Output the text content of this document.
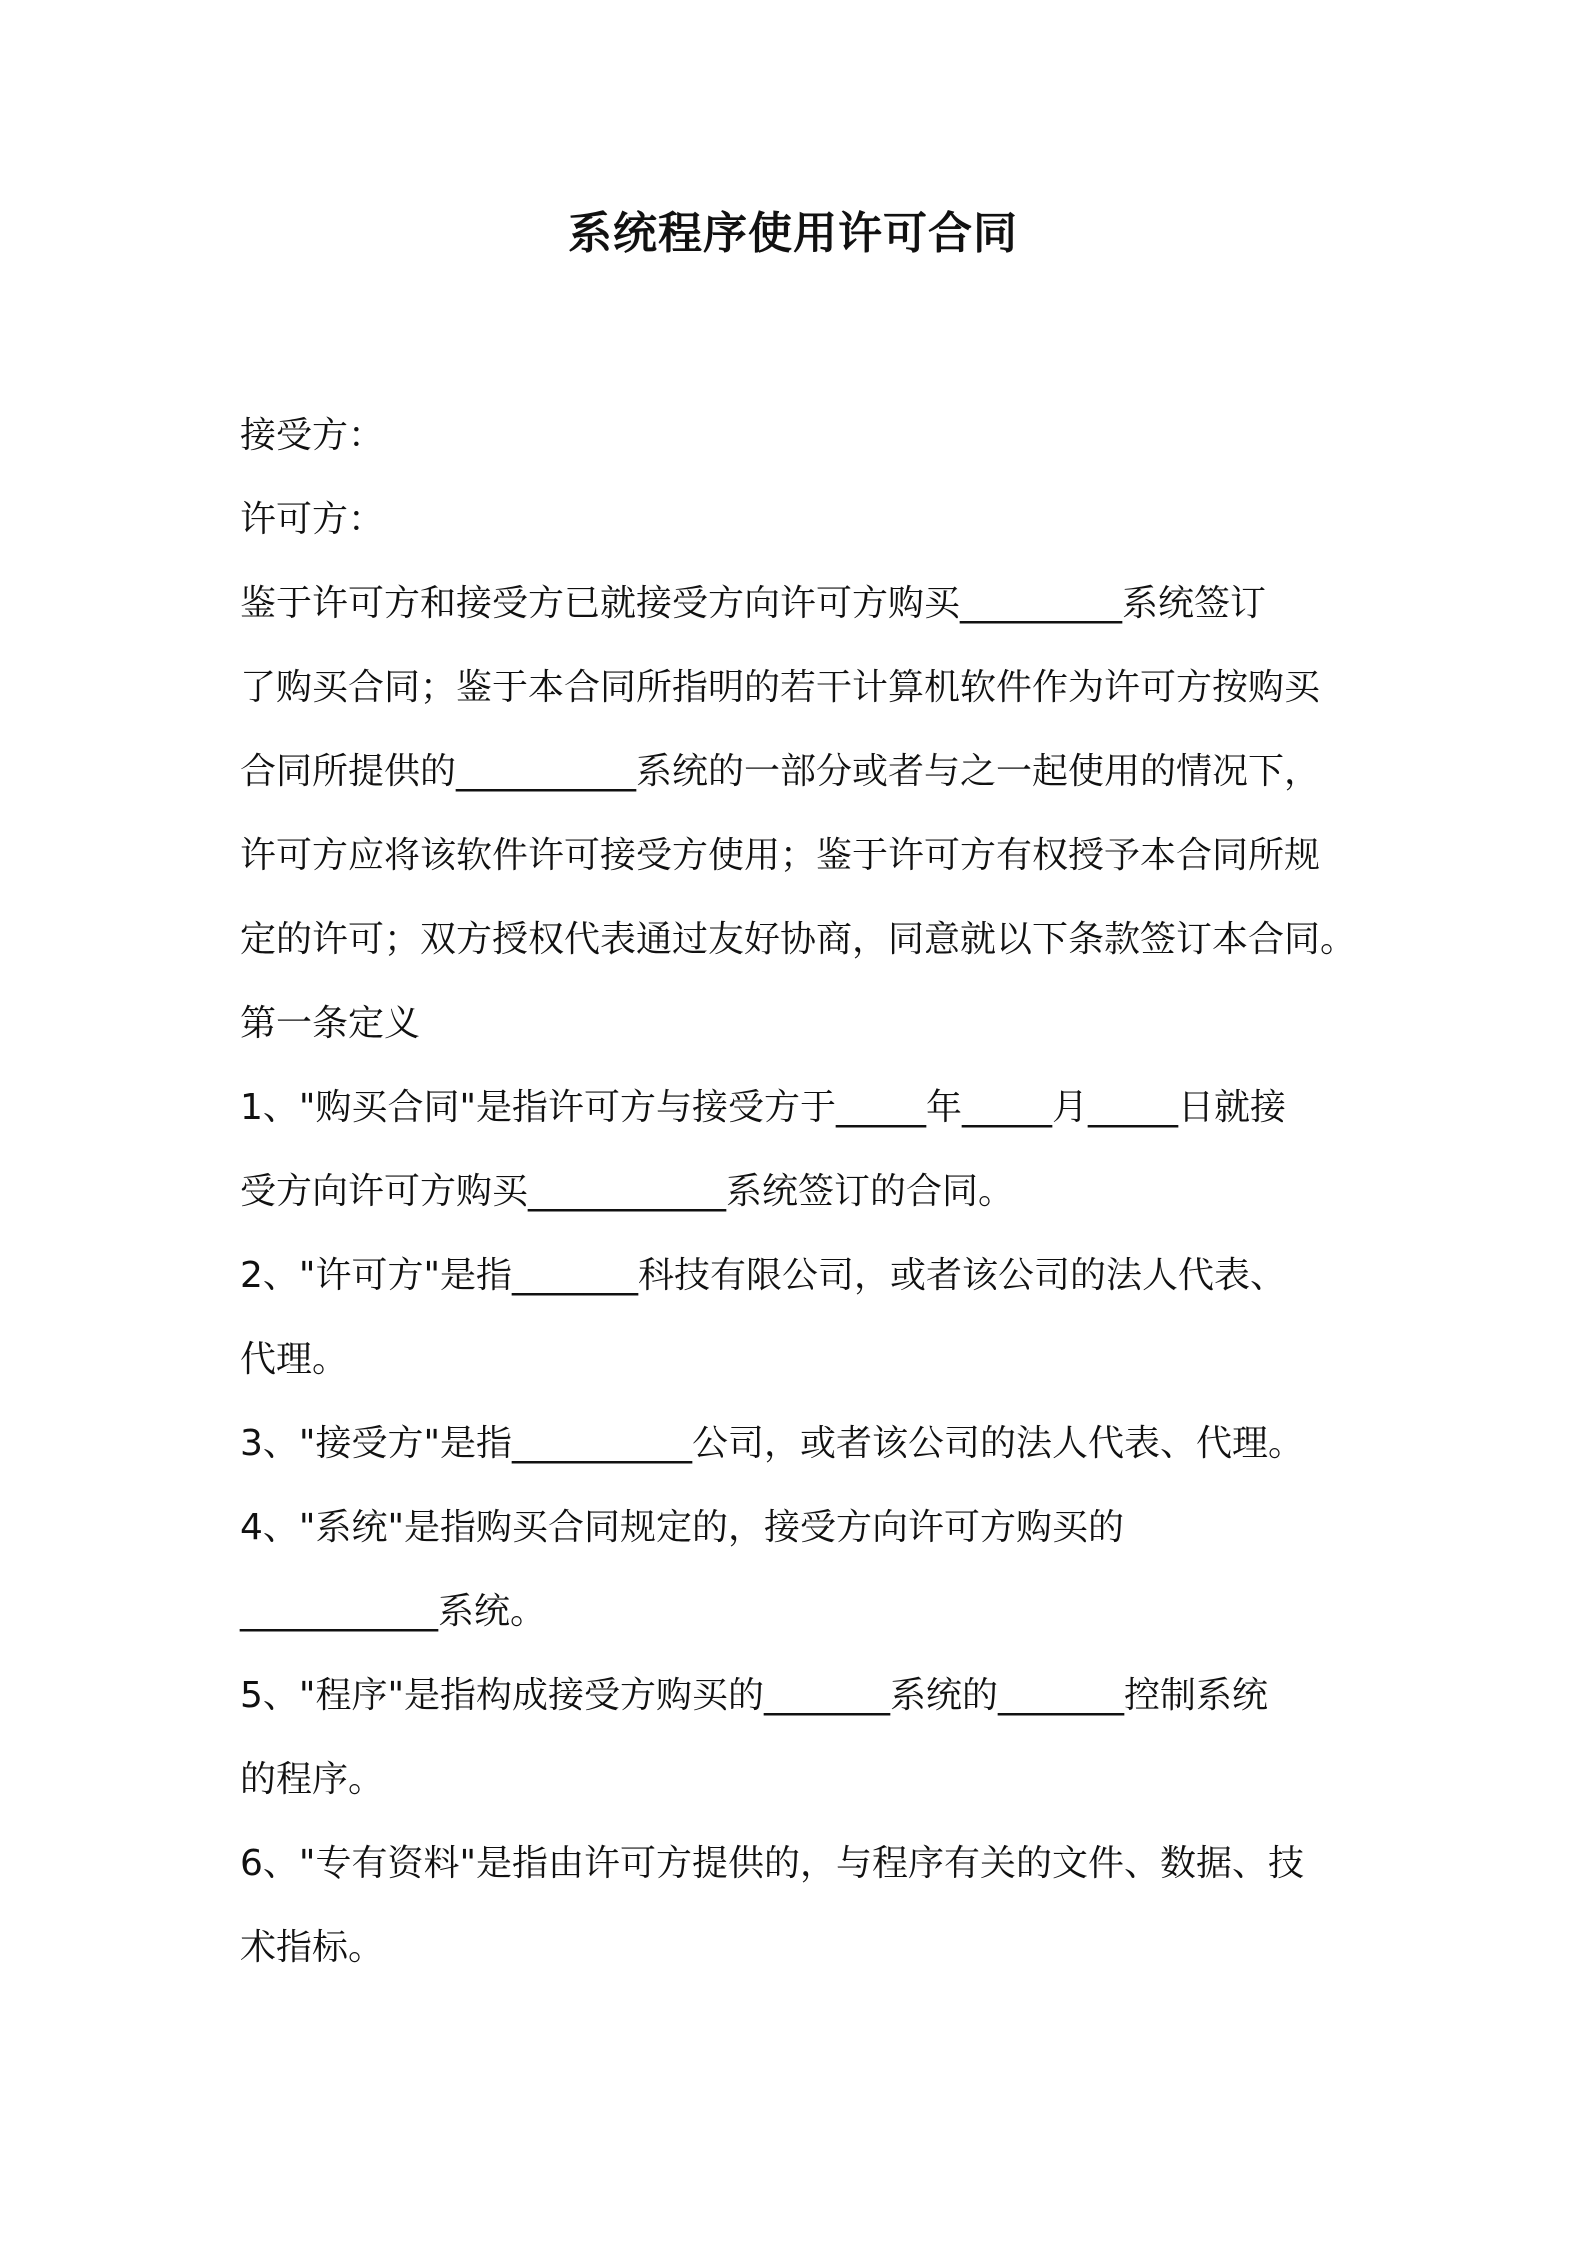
系统程序使用许可合同

接受方：

许可方：

鉴于许可方和接受方已就接受方向许可方购买_________系统签订

了购买合同；鉴于本合同所指明的若干计算机软件作为许可方按购买

合同所提供的__________系统的一部分或者与之一起使用的情况下，

许可方应将该软件许可接受方使用；鉴于许可方有权授予本合同所规

定的许可；双方授权代表通过友好协商，同意就以下条款签订本合同。

第一条定义

1、"购买合同"是指许可方与接受方于_____年_____月_____日就接

受方向许可方购买___________系统签订的合同。

2、"许可方"是指_______科技有限公司，或者该公司的法人代表、

代理。

3、"接受方"是指__________公司，或者该公司的法人代表、代理。

4、"系统"是指购买合同规定的，接受方向许可方购买的

___________系统。

5、"程序"是指构成接受方购买的_______系统的_______控制系统

的程序。

6、"专有资料"是指由许可方提供的，与程序有关的文件、数据、技

术指标。
